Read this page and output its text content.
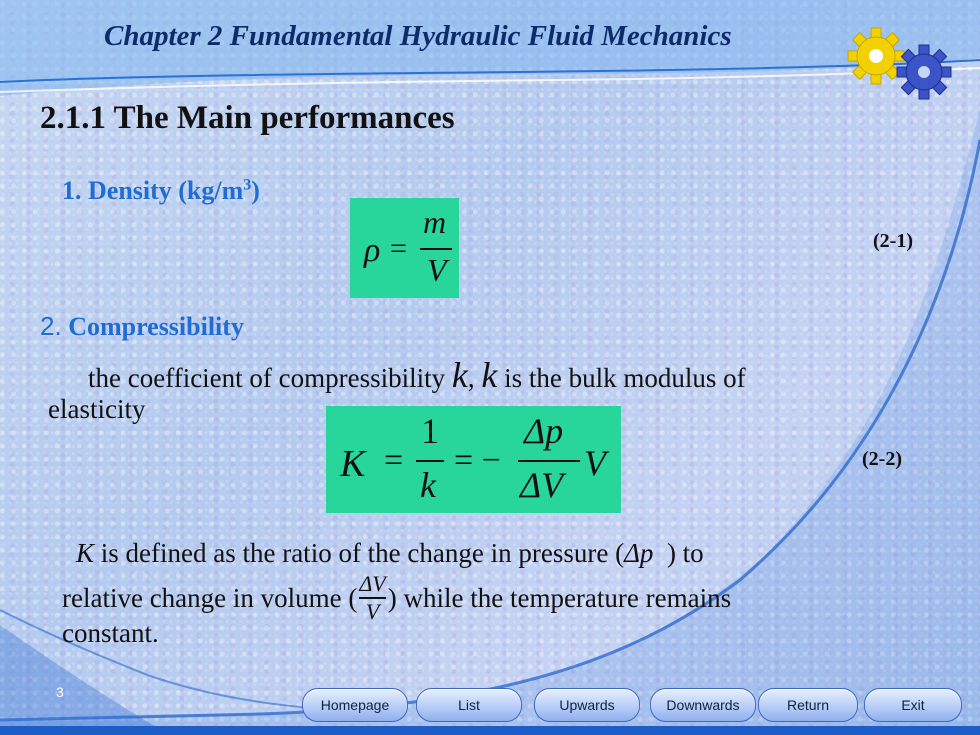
Chapter 2 Fundamental Hydraulic Fluid Mechanics
2.1.1 The Main performances
1. Density $(kg/m^3)$
ρ =
m
V
(2-1)
2. Compressibility
the coefficient of compressibility k, k is the bulk modulus of
elasticity
K =
1
k
= −
Δp
ΔV
V	(2-2)
K is defined as the ratio of the change in pressure (Δp ) to
relative change in volume ( $\frac{\Delta V}{V}$ ) while the temperature remains
constant.
3
Homepage	List	Upwards	Downwards	Return	Exit
